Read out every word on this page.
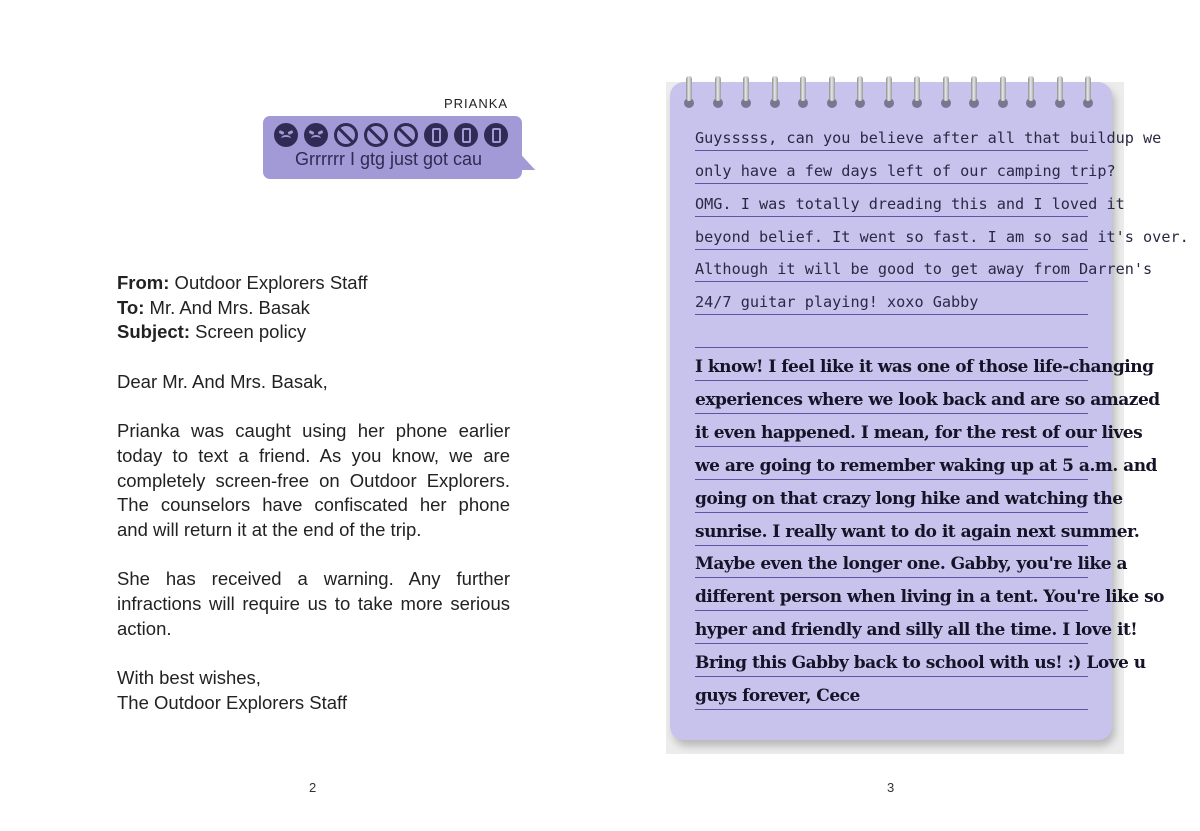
PRIANKA
Grrrrrr I gtg just got cau

From: Outdoor Explorers Staff

To: Mr. And Mrs. Basak

Subject: Screen policy

Dear Mr. And Mrs. Basak,

Prianka was caught using her phone earlier today to text a friend. As you know, we are completely screen-free on Outdoor Explorers. The counselors have confiscated her phone and will return it at the end of the trip.

She has received a warning. Any further infractions will require us to take more serious action.

With best wishes,

The Outdoor Explorers Staff

2
Guysssss, can you believe after all that buildup we
only have a few days left of our camping trip?
OMG. I was totally dreading this and I loved it
beyond belief. It went so fast. I am so sad it's over.
Although it will be good to get away from Darren's
24/7 guitar playing! xoxo Gabby
I know! I feel like it was one of those life-changing
experiences where we look back and are so amazed
it even happened. I mean, for the rest of our lives
we are going to remember waking up at 5 a.m. and
going on that crazy long hike and watching the
sunrise. I really want to do it again next summer.
Maybe even the longer one. Gabby, you're like a
different person when living in a tent. You're like so
hyper and friendly and silly all the time. I love it!
Bring this Gabby back to school with us! :) Love u
guys forever, Cece
3
